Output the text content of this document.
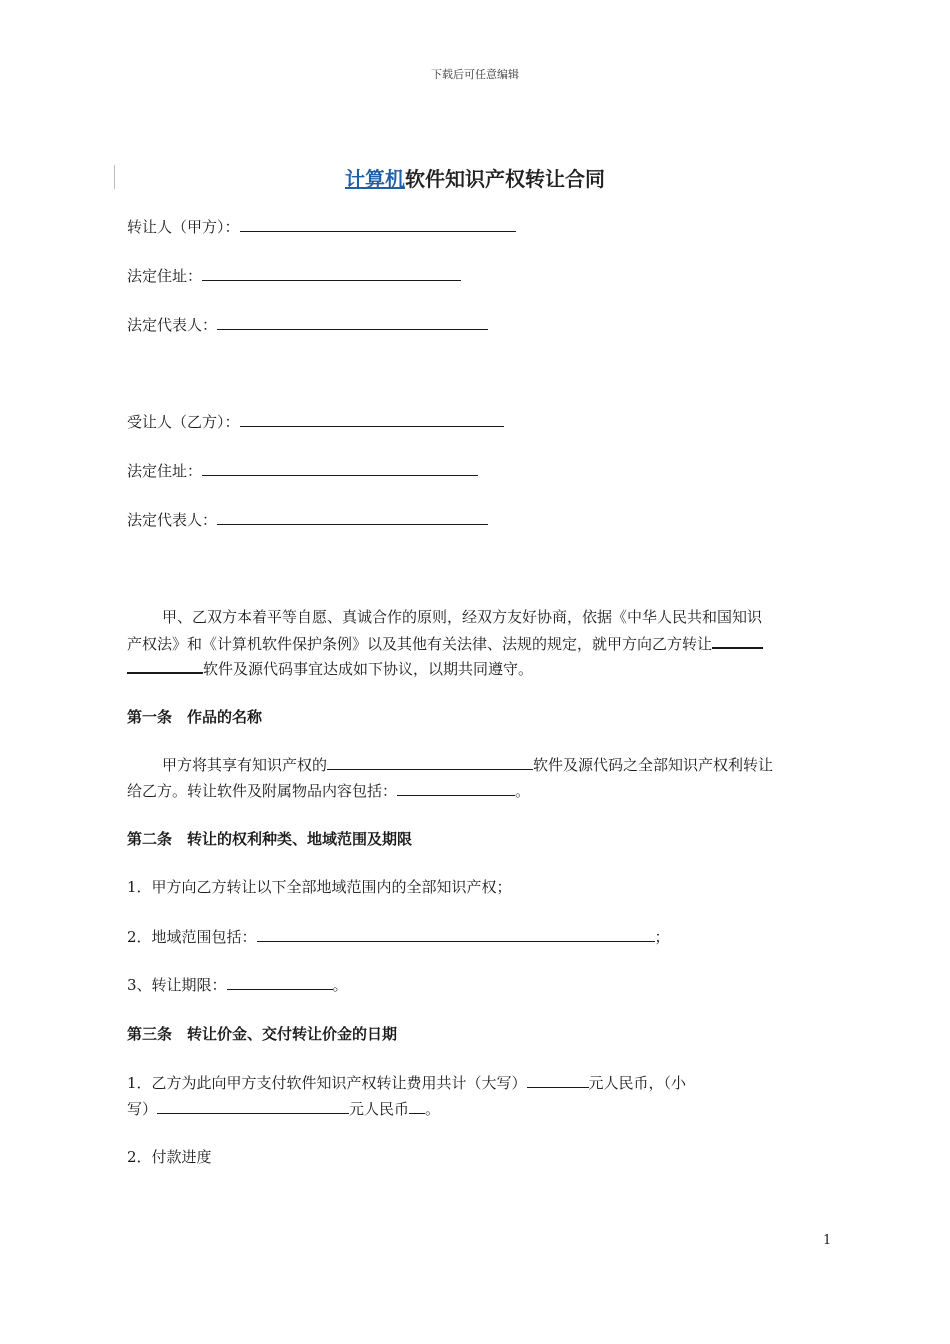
下载后可任意编辑
计算机软件知识产权转让合同
转让人（甲方）：
法定住址：
法定代表人：
受让人（乙方）：
法定住址：
法定代表人：
甲、乙双方本着平等自愿、真诚合作的原则，经双方友好协商，依据《中华人民共和国知识
产权法》和《计算机软件保护条例》以及其他有关法律、法规的规定，就甲方向乙方转让
软件及源代码事宜达成如下协议，以期共同遵守。
第一条　作品的名称
甲方将其享有知识产权的	软件及源代码之全部知识产权利转让
给乙方。转让软件及附属物品内容包括：	。
第二条　转让的权利种类、地域范围及期限
1．甲方向乙方转让以下全部地域范围内的全部知识产权；
2．地域范围包括：	；
3、转让期限：	。
第三条　转让价金、交付转让价金的日期
1．乙方为此向甲方支付软件知识产权转让费用共计（大写）	元人民币，（小
写）	元人民币 。
2．付款进度
1
